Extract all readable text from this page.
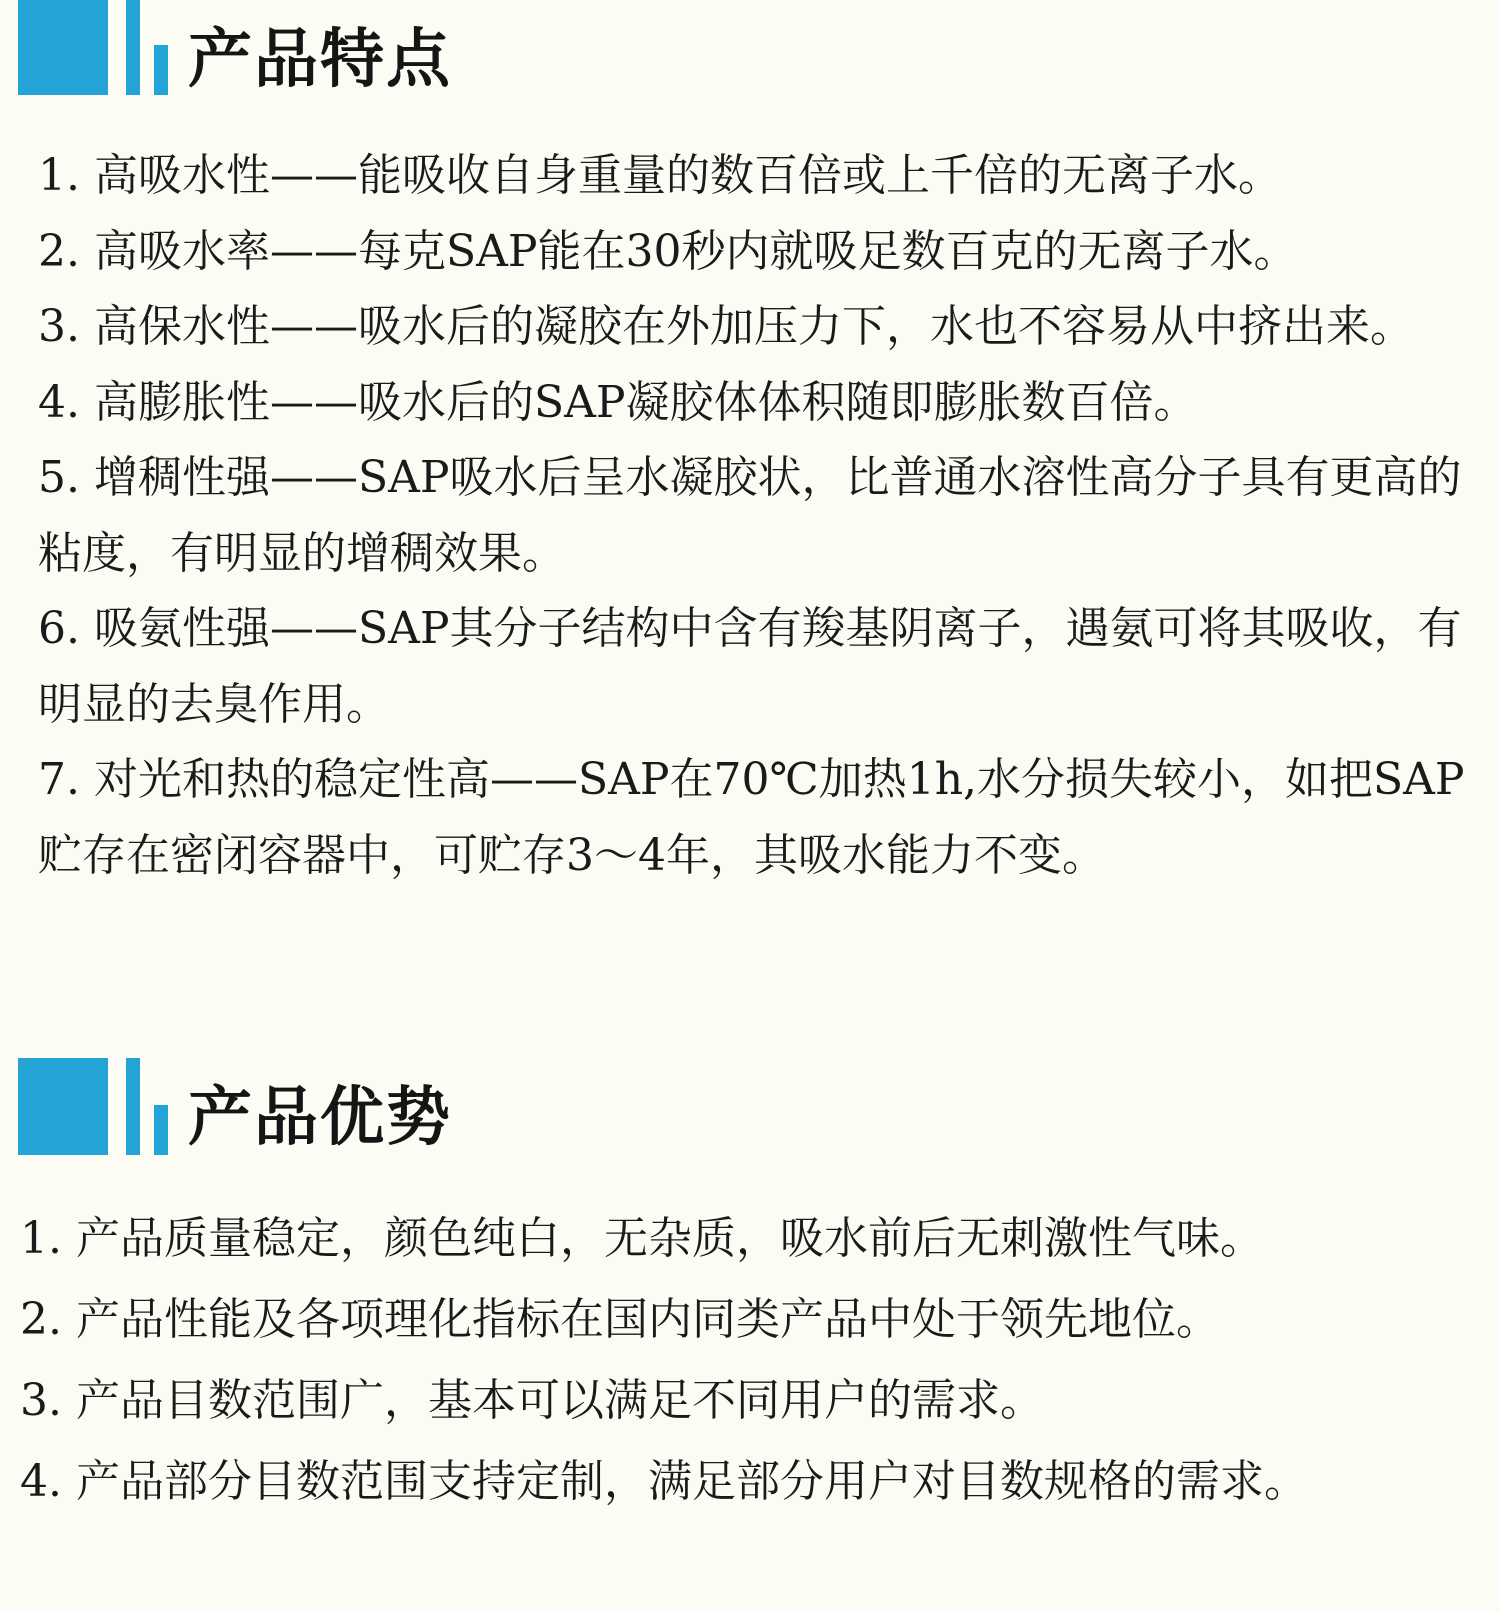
产品特点

1. 高吸水性——能吸收自身重量的数百倍或上千倍的无离子水。

2. 高吸水率——每克SAP能在30秒内就吸足数百克的无离子水。

3. 高保水性——吸水后的凝胶在外加压力下，水也不容易从中挤出来。

4. 高膨胀性——吸水后的SAP凝胶体体积随即膨胀数百倍。

5. 增稠性强——SAP吸水后呈水凝胶状，比普通水溶性高分子具有更高的粘度，有明显的增稠效果。

6. 吸氨性强——SAP其分子结构中含有羧基阴离子，遇氨可将其吸收，有明显的去臭作用。

7. 对光和热的稳定性高——SAP在70℃加热1h,水分损失较小，如把SAP贮存在密闭容器中，可贮存3～4年，其吸水能力不变。

产品优势

1. 产品质量稳定，颜色纯白，无杂质，吸水前后无刺激性气味。

2. 产品性能及各项理化指标在国内同类产品中处于领先地位。

3. 产品目数范围广，基本可以满足不同用户的需求。

4. 产品部分目数范围支持定制，满足部分用户对目数规格的需求。
